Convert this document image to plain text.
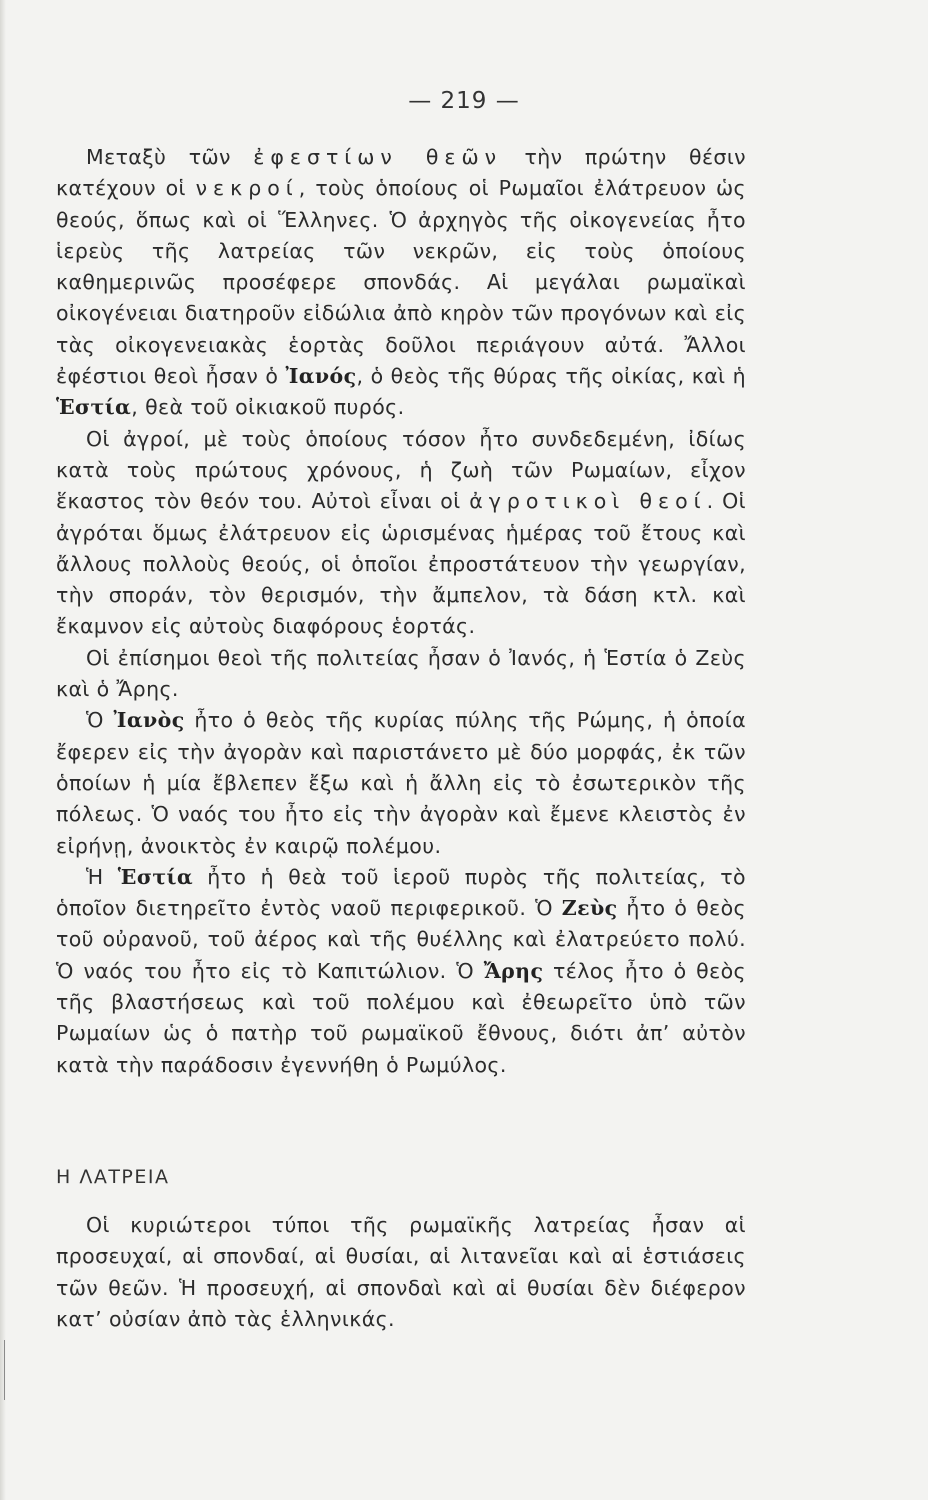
— 219 —

Μεταξὺ τῶν ἐφεστίων θεῶν τὴν πρώτην θέσιν κατέχουν οἱ νεκροί, τοὺς ὁποίους οἱ Ρωμαῖοι ἐλάτρευον ὡς θεούς, ὅπως καὶ οἱ Ἕλληνες. Ὁ ἀρχηγὸς τῆς οἰκογενείας ἦτο ἱερεὺς τῆς λατρείας τῶν νεκρῶν, εἰς τοὺς ὁποίους καθημερινῶς προσέφερε σπονδάς. Αἱ μεγάλαι ρωμαϊκαὶ οἰκογένειαι διατηροῦν εἰδώλια ἀπὸ κηρὸν τῶν προγόνων καὶ εἰς τὰς οἰκογενειακὰς ἑορτὰς δοῦλοι περιάγουν αὐτά. Ἄλλοι ἐφέστιοι θεοὶ ἦσαν ὁ Ἰανός, ὁ θεὸς τῆς θύρας τῆς οἰκίας, καὶ ἡ Ἑστία, θεὰ τοῦ οἰκιακοῦ πυρός.

Οἱ ἀγροί, μὲ τοὺς ὁποίους τόσον ἦτο συνδεδεμένη, ἰδίως κατὰ τοὺς πρώτους χρόνους, ἡ ζωὴ τῶν Ρωμαίων, εἶχον ἕκαστος τὸν θεόν του. Αὐτοὶ εἶναι οἱ ἀγροτικοὶ θεοί. Οἱ ἀγρόται ὅμως ἐλάτρευον εἰς ὡρισμένας ἡμέρας τοῦ ἔτους καὶ ἄλλους πολλοὺς θεούς, οἱ ὁποῖοι ἐπροστάτευον τὴν γεωργίαν, τὴν σποράν, τὸν θερισμόν, τὴν ἄμπελον, τὰ δάση κτλ. καὶ ἔκαμνον εἰς αὐτοὺς διαφόρους ἑορτάς.

Οἱ ἐπίσημοι θεοὶ τῆς πολιτείας ἦσαν ὁ Ἰανός, ἡ Ἑστία ὁ Ζεὺς καὶ ὁ Ἄρης.

Ὁ Ἰανὸς ἦτο ὁ θεὸς τῆς κυρίας πύλης τῆς Ρώμης, ἡ ὁποία ἔφερεν εἰς τὴν ἀγορὰν καὶ παριστάνετο μὲ δύο μορφάς, ἐκ τῶν ὁποίων ἡ μία ἔβλεπεν ἔξω καὶ ἡ ἄλλη εἰς τὸ ἐσωτερικὸν τῆς πόλεως. Ὁ ναός του ἦτο εἰς τὴν ἀγορὰν καὶ ἔμενε κλειστὸς ἐν εἰρήνῃ, ἀνοικτὸς ἐν καιρῷ πολέμου.

Ἡ Ἑστία ἦτο ἡ θεὰ τοῦ ἱεροῦ πυρὸς τῆς πολιτείας, τὸ ὁποῖον διετηρεῖτο ἐντὸς ναοῦ περιφερικοῦ. Ὁ Ζεὺς ἦτο ὁ θεὸς τοῦ οὐρανοῦ, τοῦ ἀέρος καὶ τῆς θυέλλης καὶ ἐλατρεύετο πολύ. Ὁ ναός του ἦτο εἰς τὸ Καπιτώλιον. Ὁ Ἄρης τέλος ἦτο ὁ θεὸς τῆς βλαστήσεως καὶ τοῦ πολέμου καὶ ἐθεωρεῖτο ὑπὸ τῶν Ρωμαίων ὡς ὁ πατὴρ τοῦ ρωμαϊκοῦ ἔθνους, διότι ἀπ’ αὐτὸν κατὰ τὴν παράδοσιν ἐγεννήθη ὁ Ρωμύλος.

Η ΛΑΤΡΕΙΑ

Οἱ κυριώτεροι τύποι τῆς ρωμαϊκῆς λατρείας ἦσαν αἱ προσευχαί, αἱ σπονδαί, αἱ θυσίαι, αἱ λιτανεῖαι καὶ αἱ ἑστιάσεις τῶν θεῶν. Ἡ προσευχή, αἱ σπονδαὶ καὶ αἱ θυσίαι δὲν διέφερον κατ’ οὐσίαν ἀπὸ τὰς ἑλληνικάς.
